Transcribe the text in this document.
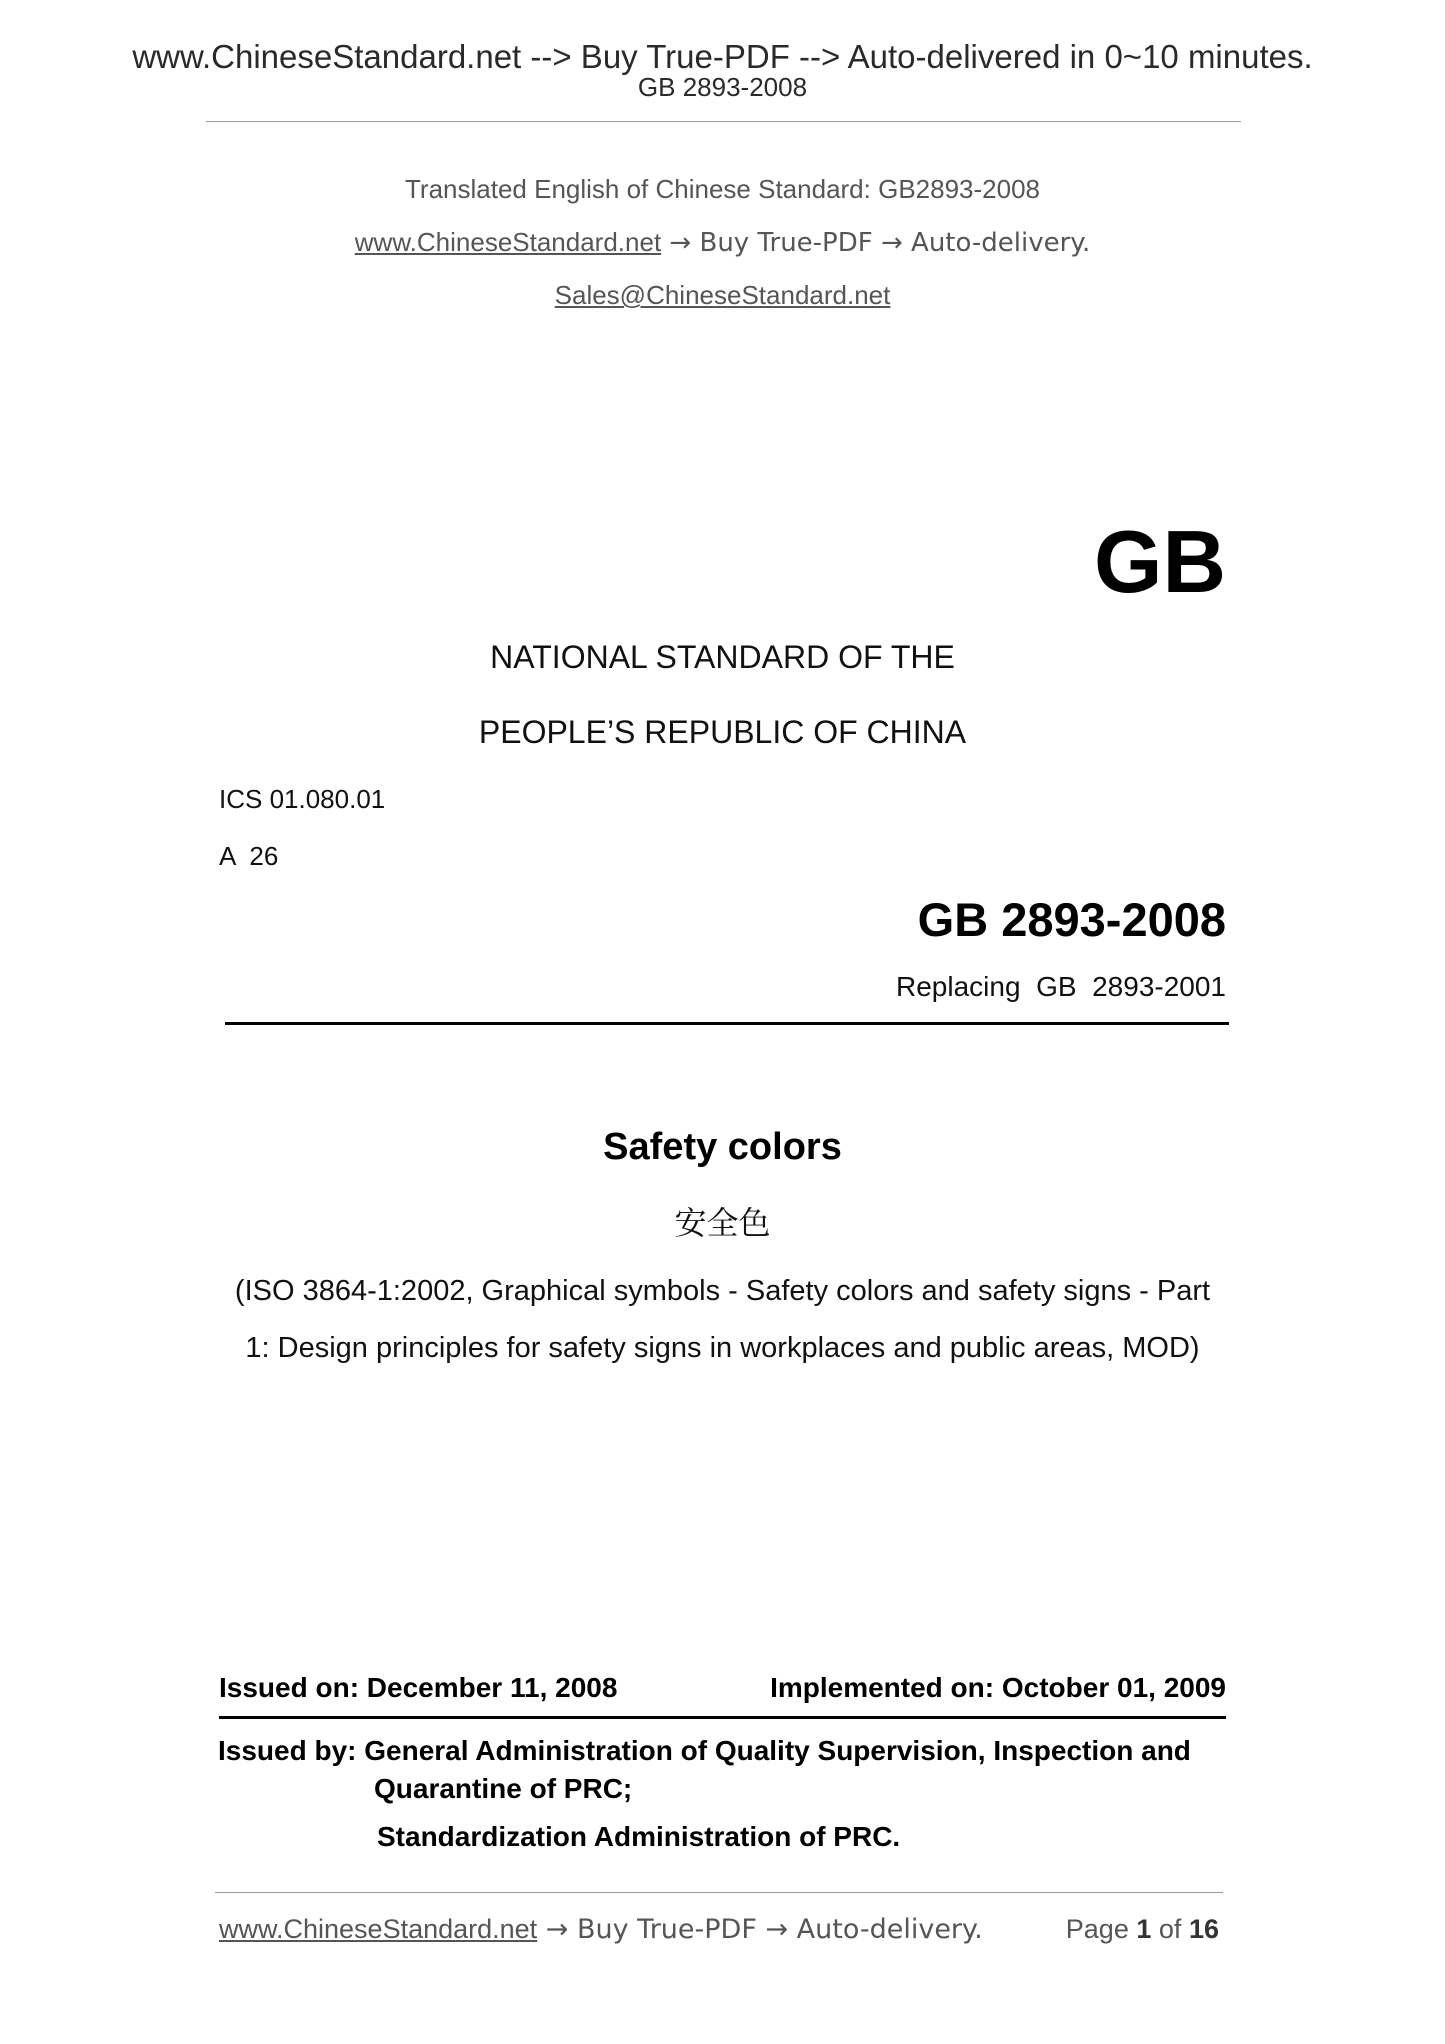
www.ChineseStandard.net --> Buy True-PDF --> Auto-delivered in 0~10 minutes.
GB 2893-2008
Translated English of Chinese Standard: GB2893-2008
www.ChineseStandard.net → Buy True-PDF → Auto-delivery.
Sales@ChineseStandard.net
GB
NATIONAL STANDARD OF THE
PEOPLE’S REPUBLIC OF CHINA
ICS 01.080.01
A  26
GB 2893-2008
Replacing  GB  2893-2001
Safety colors
安全色
(ISO 3864-1:2002, Graphical symbols - Safety colors and safety signs - Part
1: Design principles for safety signs in workplaces and public areas, MOD)
Issued on: December 11, 2008	Implemented on: October 01, 2009
Issued by: General Administration of Quality Supervision, Inspection and
Quarantine of PRC;
Standardization Administration of PRC.
www.ChineseStandard.net → Buy True-PDF → Auto-delivery.	Page 1 of 16
